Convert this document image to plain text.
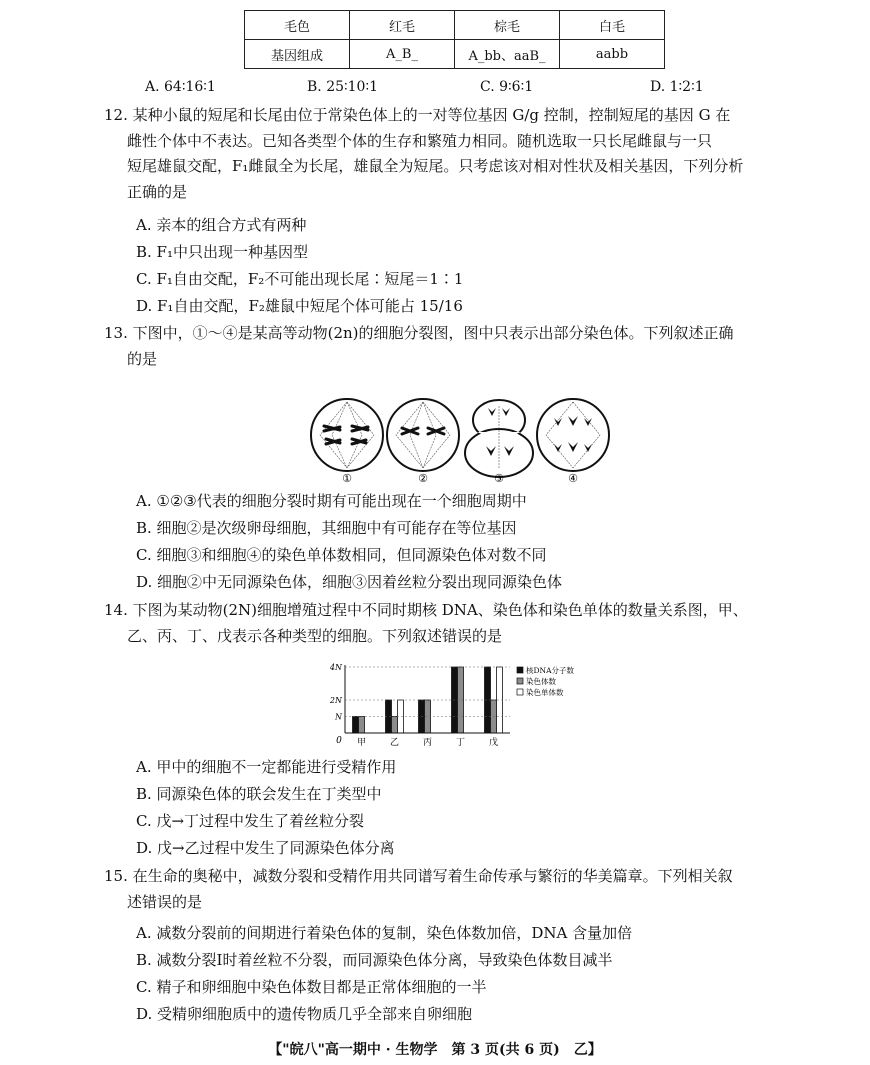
毛色	红毛	棕毛	白毛
基因组成	A_B_	A_bb、aaB_	aabb
A. 64∶16∶1	B. 25∶10∶1	C. 9∶6∶1	D. 1∶2∶1
12. 某种小鼠的短尾和长尾由位于常染色体上的一对等位基因 G/g 控制，控制短尾的基因 G 在
雌性个体中不表达。已知各类型个体的生存和繁殖力相同。随机选取一只长尾雌鼠与一只
短尾雄鼠交配，F₁雌鼠全为长尾，雄鼠全为短尾。只考虑该对相对性状及相关基因，下列分析
正确的是
A. 亲本的组合方式有两种
B. F₁中只出现一种基因型
C. F₁自由交配，F₂不可能出现长尾∶短尾＝1∶1
D. F₁自由交配，F₂雄鼠中短尾个体可能占 15/16
13. 下图中，①～④是某高等动物(2n)的细胞分裂图，图中只表示出部分染色体。下列叙述正确
的是
①	②	③	④
A. ①②③代表的细胞分裂时期有可能出现在一个细胞周期中
B. 细胞②是次级卵母细胞，其细胞中有可能存在等位基因
C. 细胞③和细胞④的染色单体数相同，但同源染色体对数不同
D. 细胞②中无同源染色体，细胞③因着丝粒分裂出现同源染色体
14. 下图为某动物(2N)细胞增殖过程中不同时期核 DNA、染色体和染色单体的数量关系图，甲、
乙、丙、丁、戊表示各种类型的细胞。下列叙述错误的是
0
N
2N
4N
甲	乙	丙	丁	戊
核DNA分子数
染色体数
染色单体数
A. 甲中的细胞不一定都能进行受精作用
B. 同源染色体的联会发生在丁类型中
C. 戊→丁过程中发生了着丝粒分裂
D. 戊→乙过程中发生了同源染色体分离
15. 在生命的奥秘中，减数分裂和受精作用共同谱写着生命传承与繁衍的华美篇章。下列相关叙
述错误的是
A. 减数分裂前的间期进行着染色体的复制，染色体数加倍，DNA 含量加倍
B. 减数分裂Ⅰ时着丝粒不分裂，而同源染色体分离，导致染色体数目减半
C. 精子和卵细胞中染色体数目都是正常体细胞的一半
D. 受精卵细胞质中的遗传物质几乎全部来自卵细胞
【"皖八"高一期中 · 生物学　第 3 页(共 6 页)　乙】
